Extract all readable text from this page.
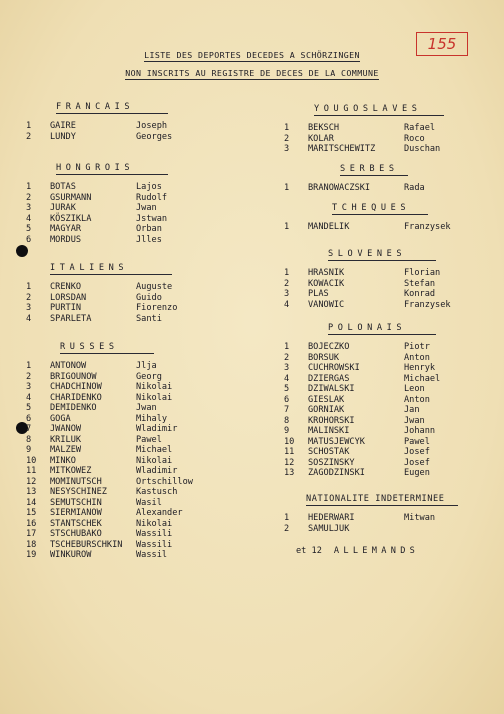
155
LISTE DES DEPORTES DECEDES A SCHÖRZINGEN
NON INSCRITS AU REGISTRE DE DECES DE LA COMMUNE
FRANCAIS
1	GAIRE	Joseph
2	LUNDY	Georges
HONGROIS
1	BOTAS	Lajos
2	GSURMANN	Rudolf
3	JURAK	Jwan
4	KÖSZIKLA	Jstwan
5	MAGYAR	Orban
6	MORDUS	Jlles
ITALIENS
1	CRENKO	Auguste
2	LORSDAN	Guido
3	PURTIN	Fiorenzo
4	SPARLETA	Santi
RUSSES
1	ANTONOW	Jlja
2	BRIGOUNOW	Georg
3	CHADCHINOW	Nikolai
4	CHARIDENKO	Nikolai
5	DEMIDENKO	Jwan
6	GOGA	Mihaly
7	JWANOW	Wladimir
8	KRILUK	Pawel
9	MALZEW	Michael
10	MINKO	Nikolai
11	MITKOWEZ	Wladimir
12	MOMINUTSCH	Ortschillow
13	NESYSCHINEZ	Kastusch
14	SEMUTSCHIN	Wasil
15	SIERMIANOW	Alexander
16	STANTSCHEK	Nikolai
17	STSCHUBAKO	Wassili
18	TSCHEBURSCHKIN Wassili
19	WINKUROW	Wassil
YOUGOSLAVES
1	BEKSCH	Rafael
2	KOLAR	Roco
3	MARITSCHEWITZ	Duschan
SERBES
1	BRANOWACZSKI	Rada
TCHEQUES
1	MANDELIK	Franzysek
SLOVENES
1	HRASNIK	Florian
2	KOWACIK	Stefan
3	PLAS	Konrad
4	VANOWIC	Franzysek
POLONAIS
1	BOJECZKO	Piotr
2	BORSUK	Anton
3	CUCHROWSKI	Henryk
4	DZIERGAS	Michael
5	DZIWALSKI	Leon
6	GIESLAK	Anton
7	GORNIAK	Jan
8	KROHORSKI	Jwan
9	MALINSKI	Johann
10	MATUSJEWCYK	Pawel
11	SCHOSTAK	Josef
12	SOSZINSKY	Josef
13	ZAGODZINSKI	Eugen
NATIONALITE INDETERMINEE
1	HEDERWARI	Mitwan
2	SAMULJUK
et 12 ALLEMANDS
